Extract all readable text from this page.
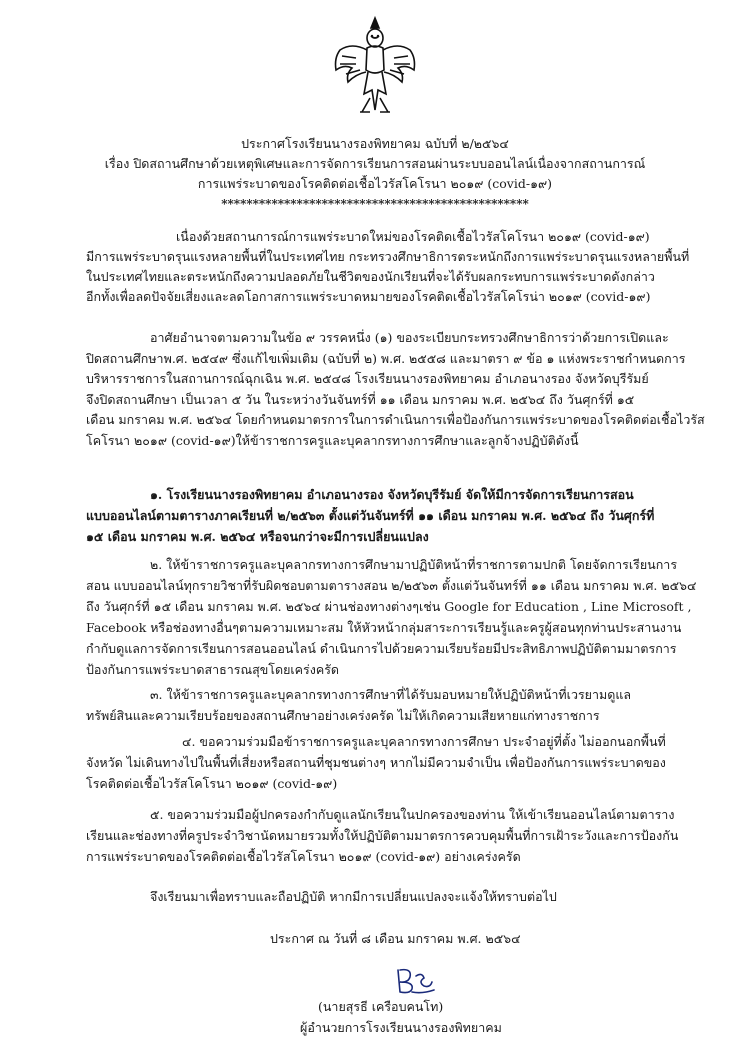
ประกาศโรงเรียนนางรองพิทยาคม ฉบับที่ ๒/๒๕๖๔
เรื่อง ปิดสถานศึกษาด้วยเหตุพิเศษและการจัดการเรียนการสอนผ่านระบบออนไลน์เนื่องจากสถานการณ์
การแพร่ระบาดของโรคติดต่อเชื้อไวรัสโคโรนา ๒๐๑๙ (covid-๑๙)
*************************************************
เนื่องด้วยสถานการณ์การแพร่ระบาดใหม่ของโรคติดเชื้อไวรัสโคโรนา ๒๐๑๙ (covid-๑๙)
มีการแพร่ระบาดรุนแรงหลายพื้นที่ในประเทศไทย กระทรวงศึกษาธิการตระหนักถึงการแพร่ระบาดรุนแรงหลายพื้นที่
ในประเทศไทยและตระหนักถึงความปลอดภัยในชีวิตของนักเรียนที่จะได้รับผลกระทบการแพร่ระบาดดังกล่าว
อีกทั้งเพื่อลดปัจจัยเสี่ยงและลดโอกาสการแพร่ระบาดหมายของโรคติดเชื้อไวรัสโคโรน่า ๒๐๑๙ (covid-๑๙)
อาศัยอำนาจตามความในข้อ ๙ วรรคหนึ่ง (๑) ของระเบียบกระทรวงศึกษาธิการว่าด้วยการเปิดและ
ปิดสถานศึกษาพ.ศ. ๒๕๔๙ ซึ่งแก้ไขเพิ่มเติม (ฉบับที่ ๒) พ.ศ. ๒๕๕๘ และมาตรา ๙ ข้อ ๑ แห่งพระราชกำหนดการ
บริหารราชการในสถานการณ์ฉุกเฉิน พ.ศ. ๒๕๔๘ โรงเรียนนางรองพิทยาคม อำเภอนางรอง จังหวัดบุรีรัมย์
จึงปิดสถานศึกษา เป็นเวลา ๕ วัน ในระหว่างวันจันทร์ที่ ๑๑ เดือน มกราคม พ.ศ. ๒๕๖๔ ถึง วันศุกร์ที่ ๑๕
เดือน มกราคม พ.ศ. ๒๕๖๔ โดยกำหนดมาตรการในการดำเนินการเพื่อป้องกันการแพร่ระบาดของโรคติดต่อเชื้อไวรัส
โคโรนา ๒๐๑๙ (covid-๑๙)ให้ข้าราชการครูและบุคลากรทางการศึกษาและลูกจ้างปฏิบัติดังนี้
๑. โรงเรียนนางรองพิทยาคม อำเภอนางรอง จังหวัดบุรีรัมย์ จัดให้มีการจัดการเรียนการสอน
แบบออนไลน์ตามตารางภาคเรียนที่ ๒/๒๕๖๓ ตั้งแต่วันจันทร์ที่ ๑๑ เดือน มกราคม พ.ศ. ๒๕๖๔ ถึง วันศุกร์ที่
๑๕ เดือน มกราคม พ.ศ. ๒๕๖๔ หรือจนกว่าจะมีการเปลี่ยนแปลง
๒. ให้ข้าราชการครูและบุคลากรทางการศึกษามาปฏิบัติหน้าที่ราชการตามปกติ โดยจัดการเรียนการ
สอน แบบออนไลน์ทุกรายวิชาที่รับผิดชอบตามตารางสอน ๒/๒๕๖๓ ตั้งแต่วันจันทร์ที่ ๑๑ เดือน มกราคม พ.ศ. ๒๕๖๔
ถึง วันศุกร์ที่ ๑๕ เดือน มกราคม พ.ศ. ๒๕๖๔ ผ่านช่องทางต่างๆเช่น Google for Education , Line Microsoft ,
Facebook หรือช่องทางอื่นๆตามความเหมาะสม ให้หัวหน้ากลุ่มสาระการเรียนรู้และครูผู้สอนทุกท่านประสานงาน
กำกับดูแลการจัดการเรียนการสอนออนไลน์ ดำเนินการไปด้วยความเรียบร้อยมีประสิทธิภาพปฏิบัติตามมาตรการ
ป้องกันการแพร่ระบาดสาธารณสุขโดยเคร่งครัด
๓. ให้ข้าราชการครูและบุคลากรทางการศึกษาที่ได้รับมอบหมายให้ปฏิบัติหน้าที่เวรยามดูแล
ทรัพย์สินและความเรียบร้อยของสถานศึกษาอย่างเคร่งครัด ไม่ให้เกิดความเสียหายแก่ทางราชการ
๔. ขอความร่วมมือข้าราชการครูและบุคลากรทางการศึกษา ประจำอยู่ที่ตั้ง ไม่ออกนอกพื้นที่
จังหวัด ไม่เดินทางไปในพื้นที่เสี่ยงหรือสถานที่ชุมชนต่างๆ หากไม่มีความจำเป็น เพื่อป้องกันการแพร่ระบาดของ
โรคติดต่อเชื้อไวรัสโคโรนา ๒๐๑๙ (covid-๑๙)
๕. ขอความร่วมมือผู้ปกครองกำกับดูแลนักเรียนในปกครองของท่าน ให้เข้าเรียนออนไลน์ตามตาราง
เรียนและช่องทางที่ครูประจำวิชานัดหมายรวมทั้งให้ปฏิบัติตามมาตรการควบคุมพื้นที่การเฝ้าระวังและการป้องกัน
การแพร่ระบาดของโรคติดต่อเชื้อไวรัสโคโรนา ๒๐๑๙ (covid-๑๙) อย่างเคร่งครัด
จึงเรียนมาเพื่อทราบและถือปฏิบัติ หากมีการเปลี่ยนแปลงจะแจ้งให้ทราบต่อไป
ประกาศ ณ วันที่ ๘ เดือน มกราคม พ.ศ. ๒๕๖๔
(นายสุรธี เครือบคนโท)
ผู้อำนวยการโรงเรียนนางรองพิทยาคม
